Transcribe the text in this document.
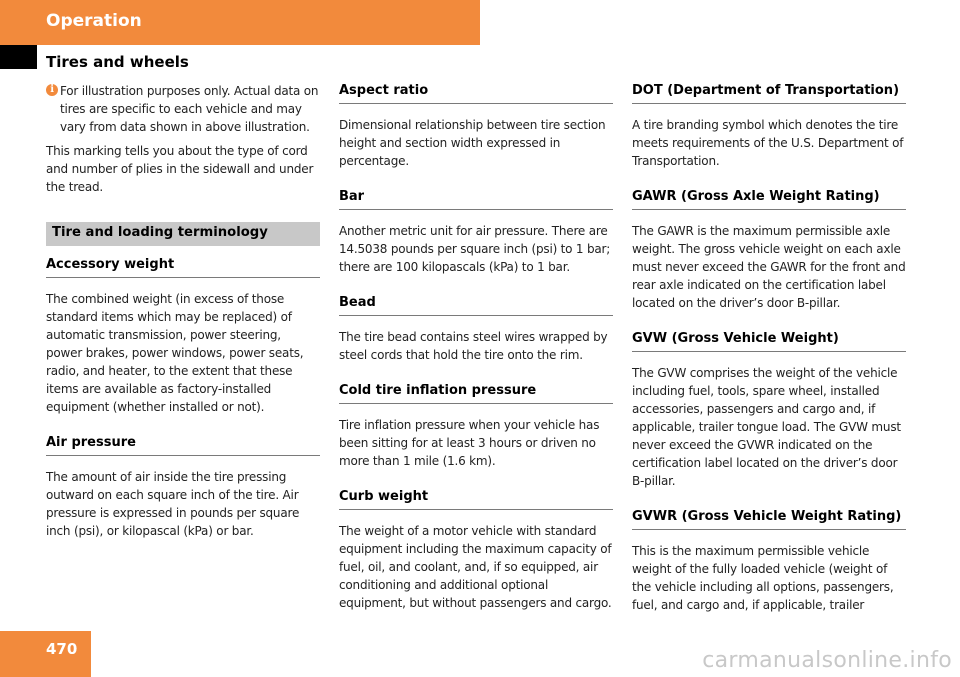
Operation
Tires and wheels

i For illustration purposes only. Actual data on tires are specific to each vehicle and may vary from data shown in above illustration.

This marking tells you about the type of cord and number of plies in the sidewall and under the tread.

Tire and loading terminology
Accessory weight

The combined weight (in excess of those standard items which may be replaced) of automatic transmission, power steering, power brakes, power windows, power seats, radio, and heater, to the extent that these items are available as factory-installed equipment (whether installed or not).

Air pressure

The amount of air inside the tire pressing outward on each square inch of the tire. Air pressure is expressed in pounds per square inch (psi), or kilopascal (kPa) or bar.

Aspect ratio

Dimensional relationship between tire section height and section width expressed in percentage.

Bar

Another metric unit for air pressure. There are 14.5038 pounds per square inch (psi) to 1 bar; there are 100 kilopascals (kPa) to 1 bar.

Bead

The tire bead contains steel wires wrapped by steel cords that hold the tire onto the rim.

Cold tire inflation pressure

Tire inflation pressure when your vehicle has been sitting for at least 3 hours or driven no more than 1 mile (1.6 km).

Curb weight

The weight of a motor vehicle with standard equipment including the maximum capacity of fuel, oil, and coolant, and, if so equipped, air conditioning and additional optional equipment, but without passengers and cargo.

DOT (Department of Transportation)

A tire branding symbol which denotes the tire meets requirements of the U.S. Department of Transportation.

GAWR (Gross Axle Weight Rating)

The GAWR is the maximum permissible axle weight. The gross vehicle weight on each axle must never exceed the GAWR for the front and rear axle indicated on the certification label located on the driver’s door B-pillar.

GVW (Gross Vehicle Weight)

The GVW comprises the weight of the vehicle including fuel, tools, spare wheel, installed accessories, passengers and cargo and, if applicable, trailer tongue load. The GVW must never exceed the GVWR indicated on the certification label located on the driver’s door B-pillar.

GVWR (Gross Vehicle Weight Rating)

This is the maximum permissible vehicle weight of the fully loaded vehicle (weight of the vehicle including all options, passengers, fuel, and cargo and, if applicable, trailer

470	carmanualsonline.info
